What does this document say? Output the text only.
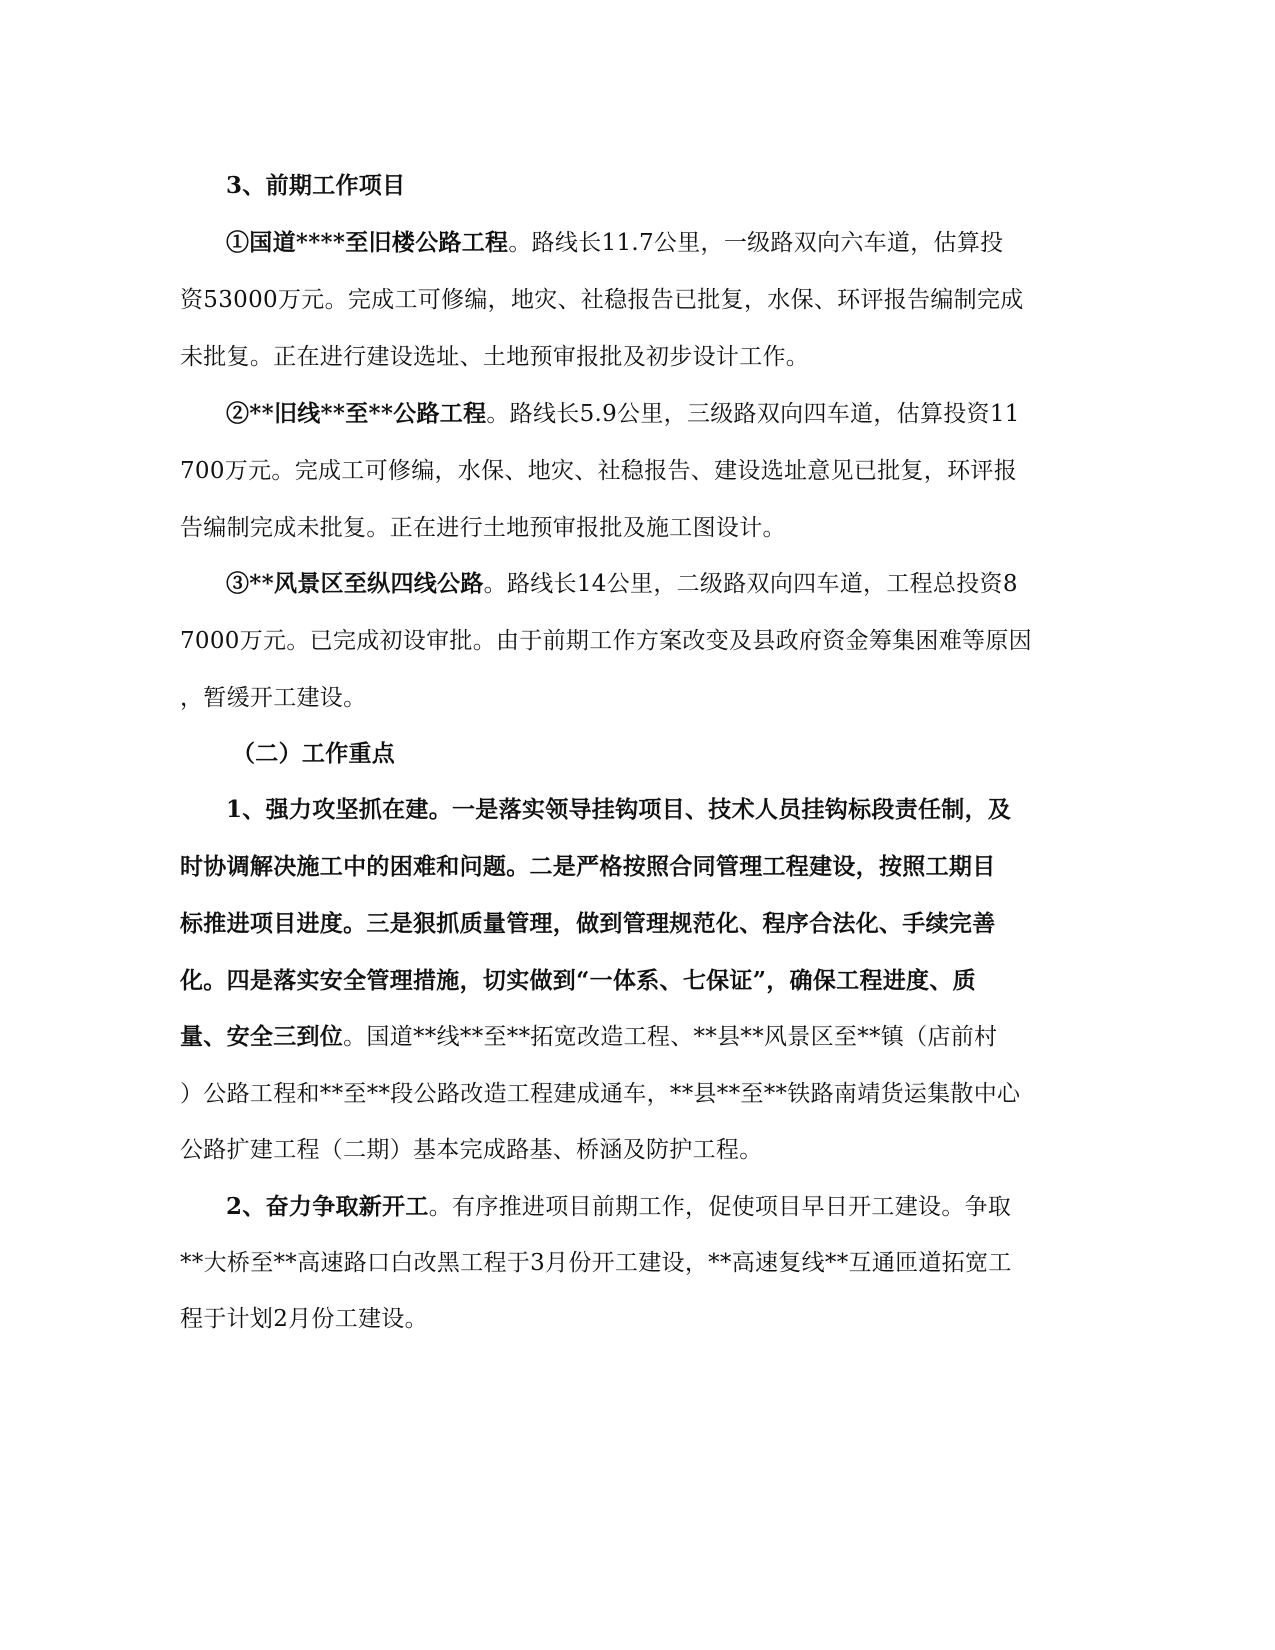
3、前期工作项目
①国道****至旧楼公路工程。路线长11.7公里，一级路双向六车道，估算投
资53000万元。完成工可修编，地灾、社稳报告已批复，水保、环评报告编制完成
未批复。正在进行建设选址、土地预审报批及初步设计工作。
②**旧线**至**公路工程。路线长5.9公里，三级路双向四车道，估算投资11
700万元。完成工可修编，水保、地灾、社稳报告、建设选址意见已批复，环评报
告编制完成未批复。正在进行土地预审报批及施工图设计。
③**风景区至纵四线公路。路线长14公里，二级路双向四车道，工程总投资8
7000万元。已完成初设审批。由于前期工作方案改变及县政府资金筹集困难等原因
，暂缓开工建设。
（二）工作重点
1、强力攻坚抓在建。一是落实领导挂钩项目、技术人员挂钩标段责任制，及
时协调解决施工中的困难和问题。二是严格按照合同管理工程建设，按照工期目
标推进项目进度。三是狠抓质量管理，做到管理规范化、程序合法化、手续完善
化。四是落实安全管理措施，切实做到“一体系、七保证”，确保工程进度、质
量、安全三到位。国道**线**至**拓宽改造工程、**县**风景区至**镇（店前村
）公路工程和**至**段公路改造工程建成通车，**县**至**铁路南靖货运集散中心
公路扩建工程（二期）基本完成路基、桥涵及防护工程。
2、奋力争取新开工。有序推进项目前期工作，促使项目早日开工建设。争取
**大桥至**高速路口白改黑工程于3月份开工建设，**高速复线**互通匝道拓宽工
程于计划2月份工建设。
